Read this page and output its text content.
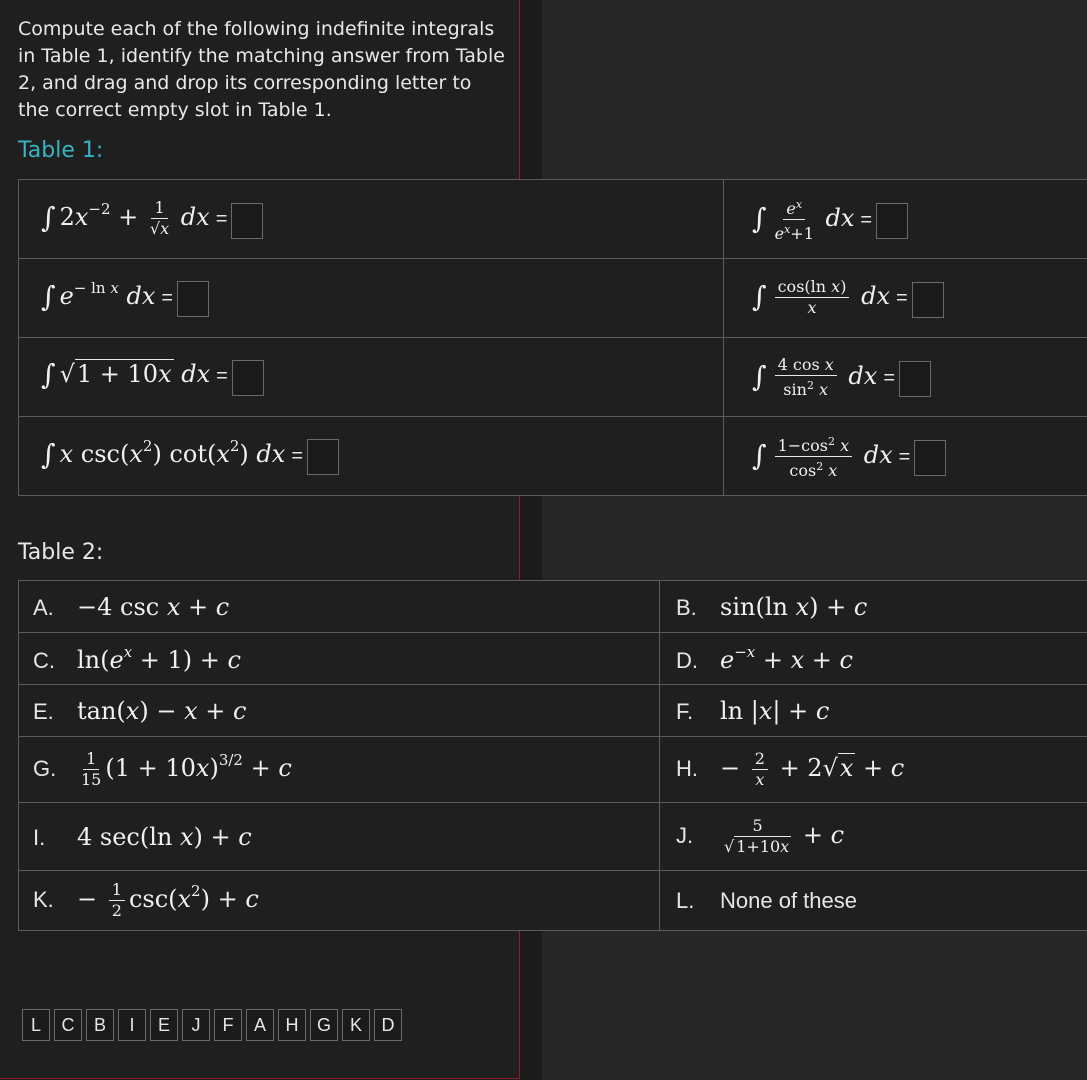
Compute each of the following indefinite integrals in Table 1, identify the matching answer from Table 2, and drag and drop its corresponding letter to the correct empty slot in Table 1.
Table 1:
∫ $2x^{-2} + \frac{1}{√x}$ dx =	∫ $\frac{e^x}{e^x+1}$ dx =
∫ $e^{- ln x}$ dx =	∫ $\frac{\text{cos(ln x)}}{x}$ dx =
∫ √1 + 10x dx =	∫ $\frac{\text{4 cos x}}{\sin^2 x}$ dx =
∫ x $\csc(x^2)$ $\cot(x^2)$ dx =	∫ $\frac{1-\cos^2 x}{\cos^2 x}$ dx =
Table 2:
A. −4 csc x + c	B. sin(ln x) + c
C. $\ln(e^x + 1) + c$	D. $e^{-x} + x + c$
E. tan(x) − x + c	F. ln |x| + c
G. $\frac{1}{15} (1 + 10x)^{3/2} + c$	H. − $\frac{2}{x} + 2√x + c$
I. 4 sec(ln x) + c	J. $\frac{5}{√ 1+10x} + c$
K. − $\frac{1}{2} \csc(x^2) + c$	L. None of these
L	C	B	I	E	J	F	A	H	G	K	D
